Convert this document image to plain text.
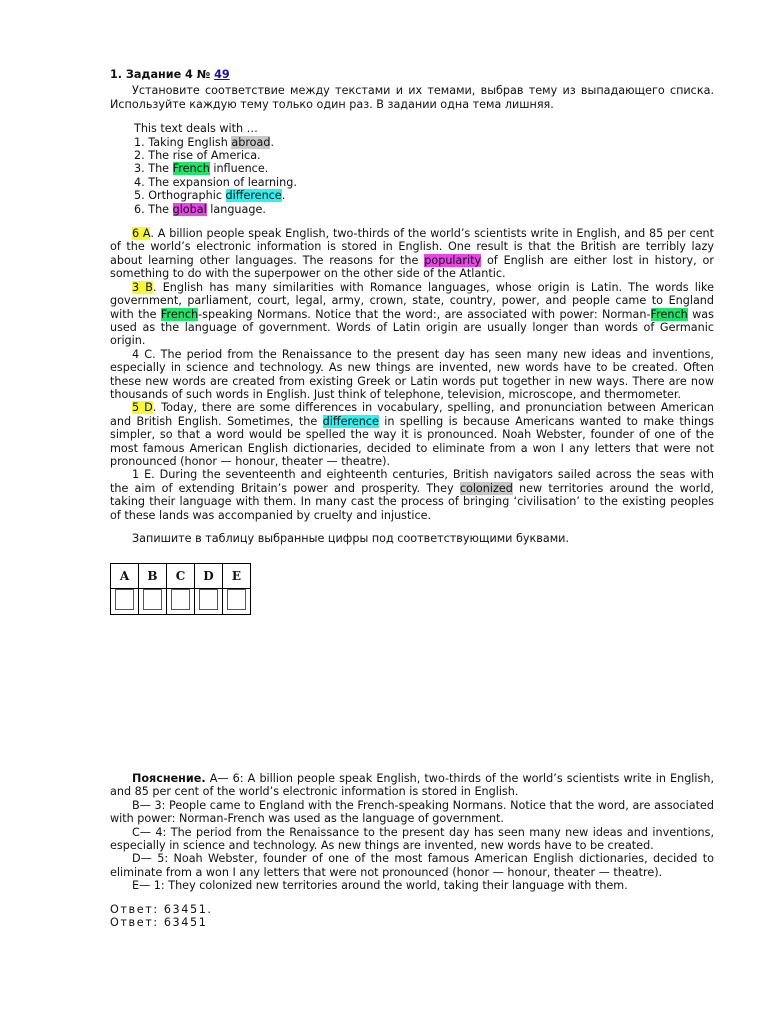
1. Задание 4 № 49

Установите соответствие между текстами и их темами, выбрав тему из выпадающего списка. Используйте каждую тему только один раз. В задании одна тема лишняя.

This text deals with …
1. Taking English abroad.
2. The rise of America.
3. The French influence.
4. The expansion of learning.
5. Orthographic difference.
6. The global language.

6 A. A billion people speak English, two-thirds of the world’s scientists write in English, and 85 per cent of the world’s electronic information is stored in English. One result is that the British are terribly lazy about learning other languages. The reasons for the popularity of English are either lost in history, or something to do with the superpower on the other side of the Atlantic.

3 B. English has many similarities with Romance languages, whose origin is Latin. The words like government, parliament, court, legal, army, crown, state, country, power, and people came to England with the French-speaking Normans. Notice that the word:, are associated with power: Norman-French was used as the language of government. Words of Latin origin are usually longer than words of Germanic origin.

4 C. The period from the Renaissance to the present day has seen many new ideas and inventions, especially in science and technology. As new things are invented, new words have to be created. Often these new words are created from existing Greek or Latin words put together in new ways. There are now thousands of such words in English. Just think of telephone, television, microscope, and thermometer.

5 D. Today, there are some differences in vocabulary, spelling, and pronunciation between American and British English. Sometimes, the difference in spelling is because Americans wanted to make things simpler, so that a word would be spelled the way it is pronounced. Noah Webster, founder of one of the most famous American English dictionaries, decided to eliminate from a won I any letters that were not pronounced (honor — honour, theater — theatre).

1 E. During the seventeenth and eighteenth centuries, British navigators sailed across the seas with the aim of extending Britain’s power and prosperity. They colonized new territories around the world, taking their language with them. In many cast the process of bringing ‘civilisation’ to the existing peoples of these lands was accompanied by cruelty and injustice.

Запишите в таблицу выбранные цифры под соответствующими буквами.

A	B	C	D	E

Пояснение. A— 6: A billion people speak English, two-thirds of the world’s scientists write in English, and 85 per cent of the world’s electronic information is stored in English.

B— 3: People came to England with the French-speaking Normans. Notice that the word, are associated with power: Norman-French was used as the language of government.

C— 4: The period from the Renaissance to the present day has seen many new ideas and inventions, especially in science and technology. As new things are invented, new words have to be created.

D— 5: Noah Webster, founder of one of the most famous American English dictionaries, decided to eliminate from a won I any letters that were not pronounced (honor — honour, theater — theatre).

E— 1: They colonized new territories around the world, taking their language with them.

Ответ: 63451.

Ответ: 63451
